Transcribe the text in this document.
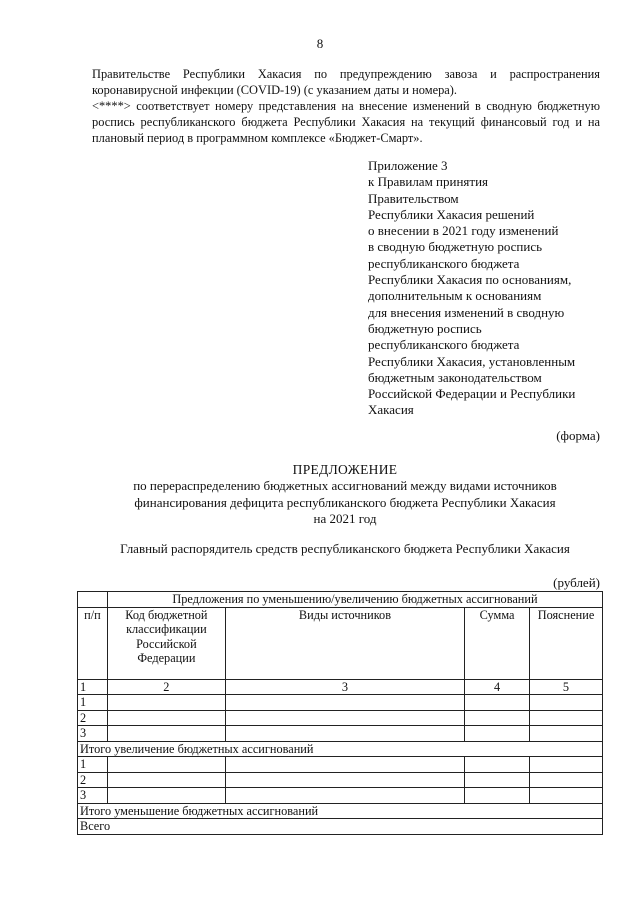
8

Правительстве Республики Хакасия по предупреждению завоза и распространения коронавирусной инфекции (COVID-19) (с указанием даты и номера).

<****> соответствует номеру представления на внесение изменений в сводную бюджетную роспись республиканского бюджета Республики Хакасия на текущий финансовый год и на плановый период в программном комплексе «Бюджет-Смарт».

Приложение 3
к Правилам принятия
Правительством
Республики Хакасия решений
о внесении в 2021 году изменений
в сводную бюджетную роспись
республиканского бюджета
Республики Хакасия по основаниям,
дополнительным к основаниям
для внесения изменений в сводную
бюджетную роспись
республиканского бюджета
Республики Хакасия, установленным
бюджетным законодательством
Российской Федерации и Республики
Хакасия
(форма)
ПРЕДЛОЖЕНИЕ
по перераспределению бюджетных ассигнований между видами источников
финансирования дефицита республиканского бюджета Республики Хакасия
на 2021 год
Главный распорядитель средств республиканского бюджета Республики Хакасия
(рублей)
	Предложения по уменьшению/увеличению бюджетных ассигнований			
п/п	Код бюджетной классификации Российской Федерации	Виды источников	Сумма	Пояснение
1	2	3	4	5
1				
2				
3				
Итого увеличение бюджетных ассигнований				
1				
2				
3				
Итого уменьшение бюджетных ассигнований				
Всего				
